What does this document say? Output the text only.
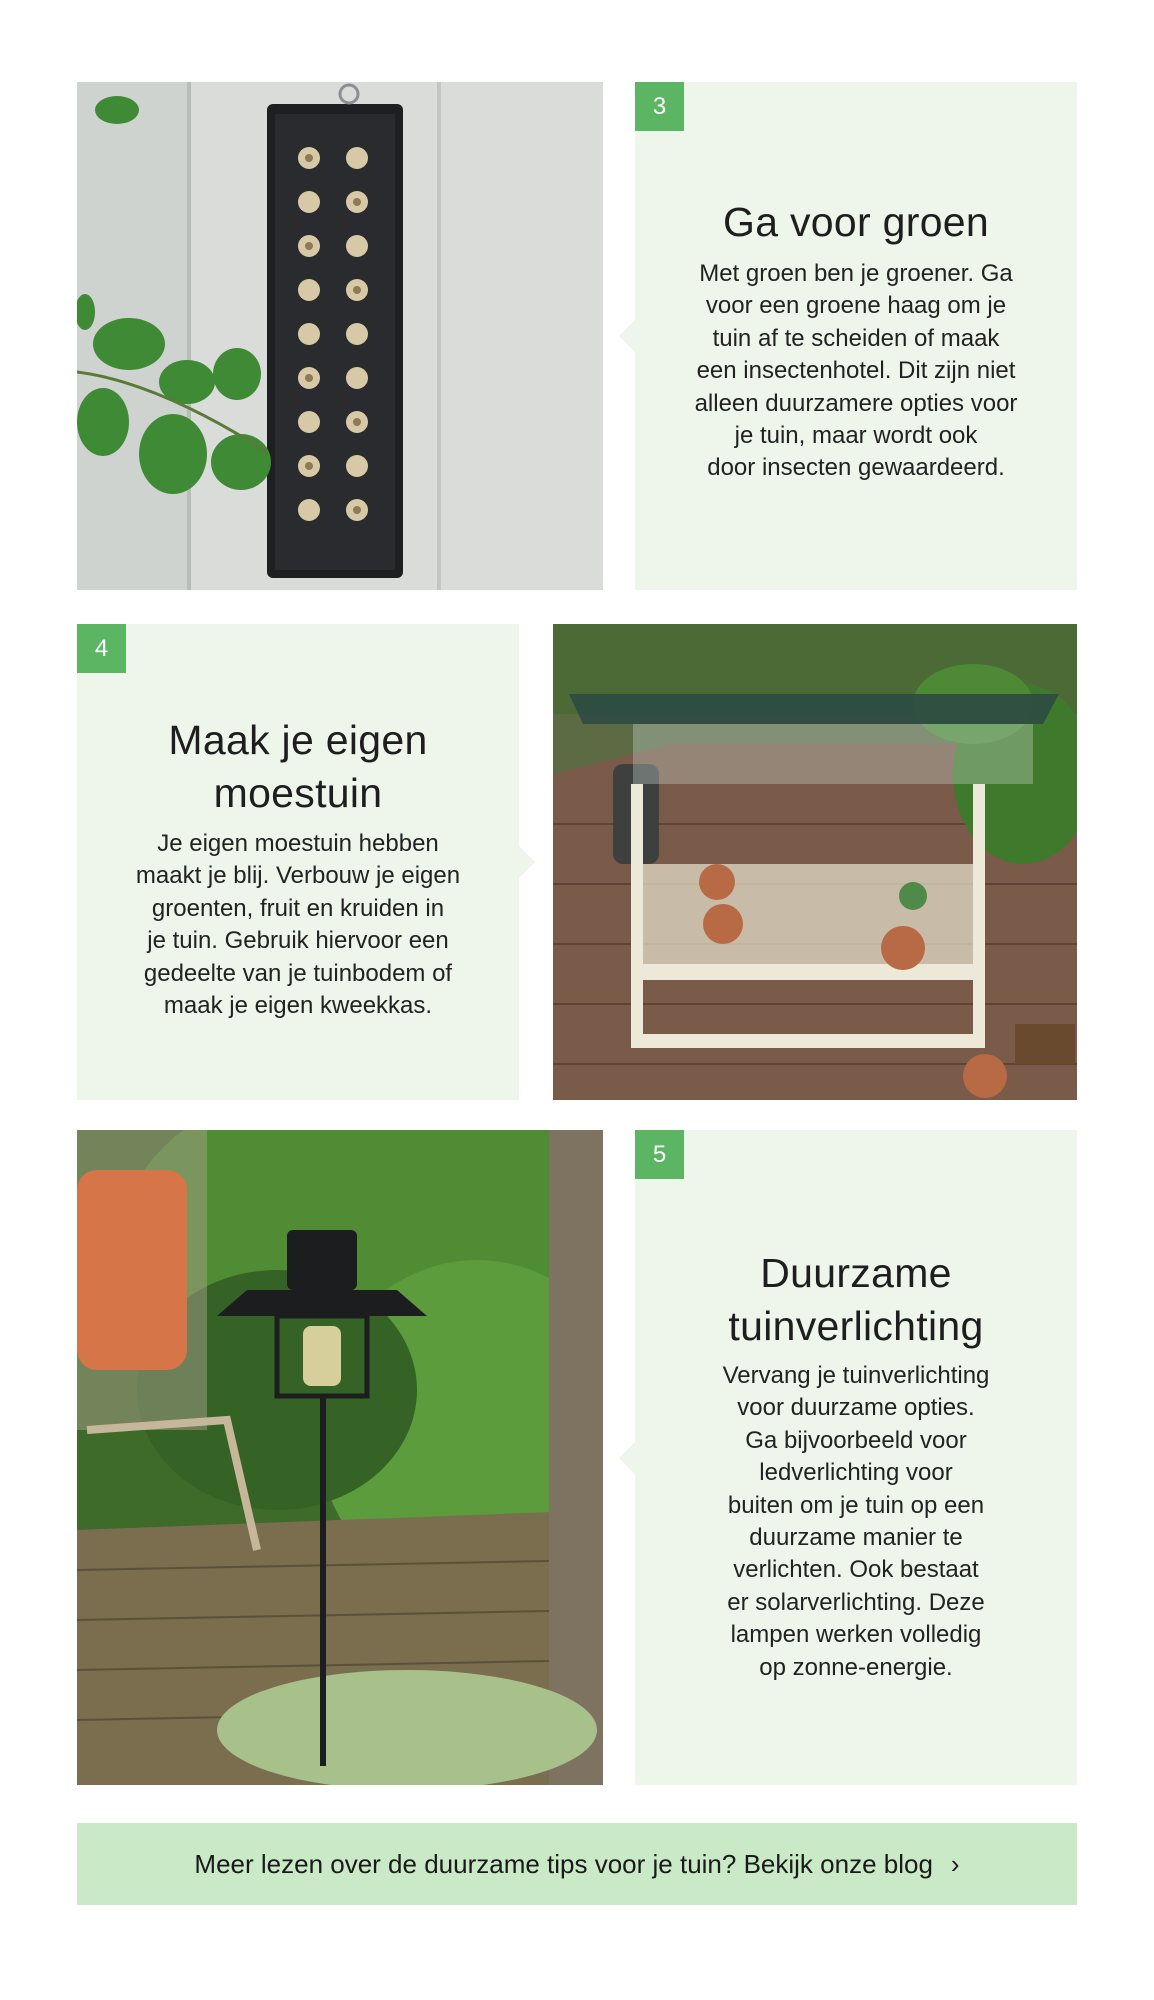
3
Ga voor groen

Met groen ben je groener. Ga
voor een groene haag om je
tuin af te scheiden of maak
een insectenhotel. Dit zijn niet
alleen duurzamere opties voor
je tuin, maar wordt ook
door insecten gewaardeerd.

4
Maak je eigen
moestuin

Je eigen moestuin hebben
maakt je blij. Verbouw je eigen
groenten, fruit en kruiden in
je tuin. Gebruik hiervoor een
gedeelte van je tuinbodem of
maak je eigen kweekkas.

5
Duurzame
tuinverlichting

Vervang je tuinverlichting
voor duurzame opties.
Ga bijvoorbeeld voor
ledverlichting voor
buiten om je tuin op een
duurzame manier te
verlichten. Ook bestaat
er solarverlichting. Deze
lampen werken volledig
op zonne-energie.

Meer lezen over de duurzame tips voor je tuin? Bekijk onze blog ›
